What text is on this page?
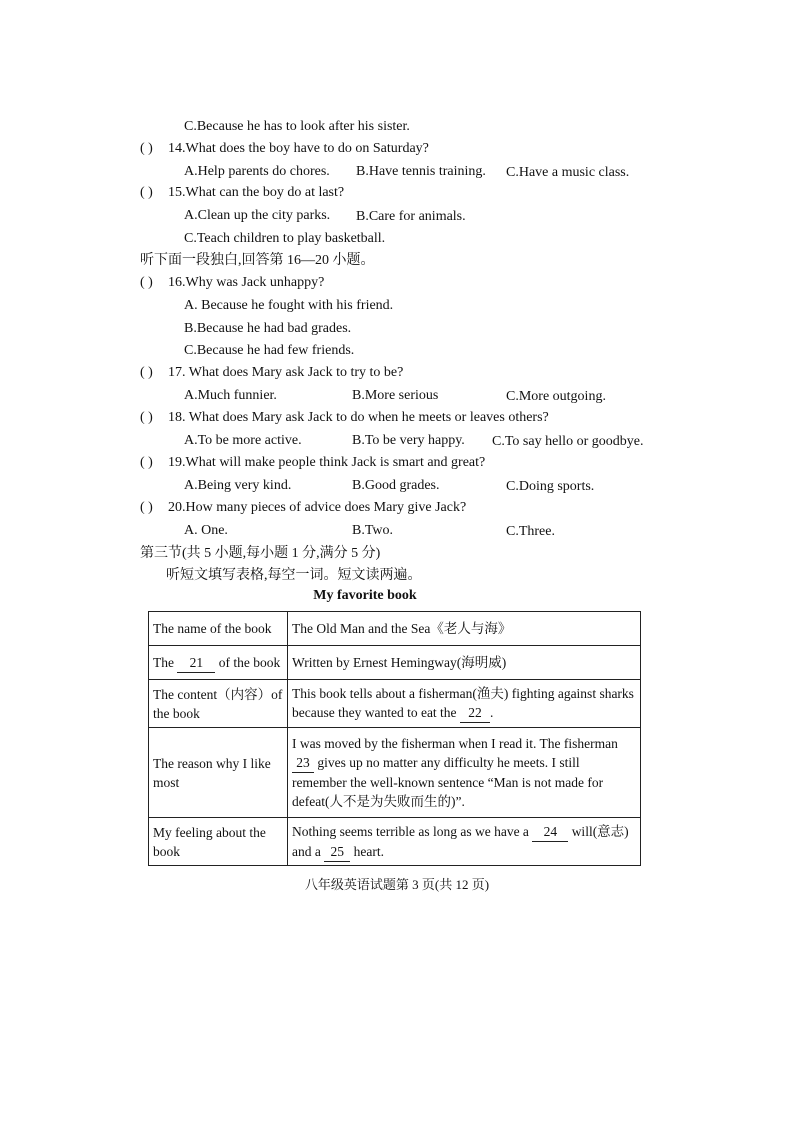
C.Because he has to look after his sister.
( ) 14.What does the boy have to do on Saturday?
A.Help parents do chores. B.Have tennis training. C.Have a music class.
( ) 15.What can the boy do at last?
A.Clean up the city parks. B.Care for animals.
C.Teach children to play basketball.
听下面一段独白,回答第 16—20 小题。
( ) 16.Why was Jack unhappy?
A. Because he fought with his friend.
B.Because he had bad grades.
C.Because he had few friends.
( ) 17. What does Mary ask Jack to try to be?
A.Much funnier.	B.More serious	C.More outgoing.
( ) 18. What does Mary ask Jack to do when he meets or leaves others?
A.To be more active.	B.To be very happy. C.To say hello or goodbye.
( ) 19.What will make people think Jack is smart and great?
A.Being very kind.	B.Good grades.	C.Doing sports.
( ) 20.How many pieces of advice does Mary give Jack?
A. One.	B.Two.	C.Three.
第三节(共 5 小题,每小题 1 分,满分 5 分)
听短文填写表格,每空一词。短文读两遍。
My favorite book
The name of the book	The Old Man and the Sea《老人与海》
The 21 of the book	Written by Ernest Hemingway(海明威)
The content（内容）of the book	This book tells about a fisherman(渔夫) fighting against sharks because they wanted to eat the 22 .
The reason why I like most	I was moved by the fisherman when I read it. The fisherman 23 gives up no matter any difficulty he meets. I still remember the well-known sentence “Man is not made for defeat(人不是为失败而生的)”.
My feeling about the book	Nothing seems terrible as long as we have a 24 will(意志) and a 25 heart.
八年级英语试题第 3 页(共 12 页)
